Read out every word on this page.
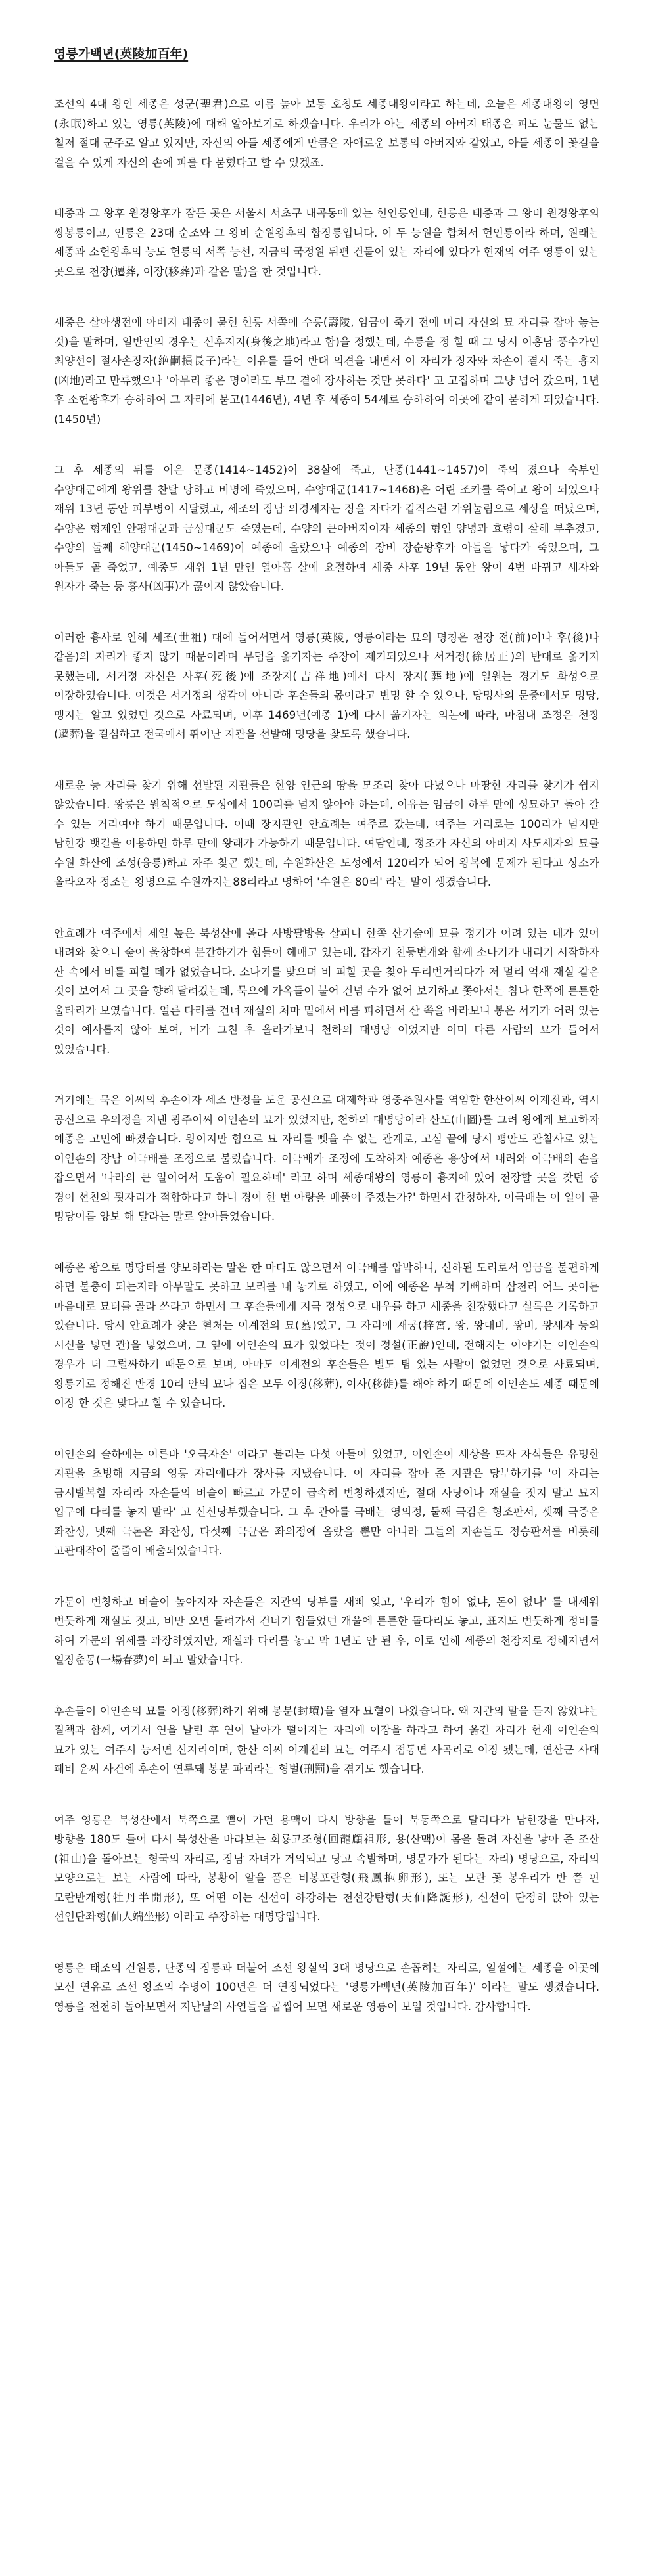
영릉가백년(英陵加百年)

조선의 4대 왕인 세종은 성군(聖君)으로 이름 높아 보통 호칭도 세종대왕이라고 하는데, 오늘은 세종대왕이 영면(永眠)하고 있는 영릉(英陵)에 대해 알아보기로 하겠습니다. 우리가 아는 세종의 아버지 태종은 피도 눈물도 없는 철저 절대 군주로 알고 있지만, 자신의 아들 세종에게 만큼은 자애로운 보통의 아버지와 같았고, 아들 세종이 꽃길을 걸을 수 있게 자신의 손에 피를 다 묻혔다고 할 수 있겠죠.

태종과 그 왕후 원경왕후가 잠든 곳은 서울시 서초구 내곡동에 있는 헌인릉인데, 헌릉은 태종과 그 왕비 원경왕후의 쌍봉릉이고, 인릉은 23대 순조와 그 왕비 순원왕후의 합장릉입니다. 이 두 능원을 합쳐서 헌인릉이라 하며, 원래는 세종과 소헌왕후의 능도 헌릉의 서쪽 능선, 지금의 국정원 뒤편 건물이 있는 자리에 있다가 현재의 여주 영릉이 있는 곳으로 천장(遷葬, 이장(移葬)과 같은 말)을 한 것입니다.

세종은 살아생전에 아버지 태종이 묻힌 헌릉 서쪽에 수릉(壽陵, 임금이 죽기 전에 미리 자신의 묘 자리를 잡아 놓는 것)을 말하며, 일반인의 경우는 신후지지(身後之地)라고 함)을 정했는데, 수릉을 정 할 때 그 당시 이홍남 풍수가인 최양선이 절사손장자(絶嗣損長子)라는 이유를 들어 반대 의견을 내면서 이 자리가 장자와 차손이 결시 죽는 흉지(凶地)라고 만류했으나 '아무리 좋은 명이라도 부모 곁에 장사하는 것만 못하다' 고 고집하며 그냥 넘어 갔으며, 1년 후 소헌왕후가 승하하여 그 자리에 묻고(1446년), 4년 후 세종이 54세로 승하하여 이곳에 같이 묻히게 되었습니다.(1450년)

그 후 세종의 뒤를 이은 문종(1414~1452)이 38살에 죽고, 단종(1441~1457)이 죽의 졌으나 숙부인 수양대군에게 왕위를 찬탈 당하고 비명에 죽었으며, 수양대군(1417~1468)은 어린 조카를 죽이고 왕이 되었으나 재위 13년 동안 피부병이 시달렸고, 세조의 장남 의경세자는 장을 자다가 갑작스런 가위눌림으로 세상을 떠났으며, 수양은 형제인 안평대군과 금성대군도 죽였는데, 수양의 큰아버지이자 세종의 형인 양녕과 효령이 살해 부추겼고, 수양의 둘째 해양대군(1450~1469)이 예종에 올랐으나 예종의 장비 장순왕후가 아들을 낳다가 죽었으며, 그 아들도 곧 죽었고, 예종도 재위 1년 만인 열아홉 살에 요절하여 세종 사후 19년 동안 왕이 4번 바뀌고 세자와 원자가 죽는 등 흉사(凶事)가 끊이지 않았습니다.

이러한 흉사로 인해 세조(世祖) 대에 들어서면서 영릉(英陵, 영릉이라는 묘의 명칭은 천장 전(前)이나 후(後)나 같음)의 자리가 좋지 않기 때문이라며 무덤을 옮기자는 주장이 제기되었으나 서거정(徐居正)의 반대로 옮기지 못했는데, 서거정 자신은 사후(死後)에 조장지(吉祥地)에서 다시 장지(葬地)에 일원는 경기도 화성으로 이장하였습니다. 이것은 서거정의 생각이 아니라 후손들의 몫이라고 변명 할 수 있으나, 당명사의 문중에서도 명당, 맹지는 알고 있었던 것으로 사료되며, 이후 1469년(예종 1)에 다시 옮기자는 의논에 따라, 마침내 조정은 천장(遷葬)을 결심하고 전국에서 뛰어난 지관을 선발해 명당을 찾도록 했습니다.

새로운 능 자리를 찾기 위해 선발된 지관들은 한양 인근의 땅을 모조리 찾아 다녔으나 마땅한 자리를 찾기가 쉽지 않았습니다. 왕릉은 원칙적으로 도성에서 100리를 넘지 않아야 하는데, 이유는 임금이 하루 만에 성묘하고 돌아 갈 수 있는 거리여야 하기 때문입니다. 이때 장지관인 안효례는 여주로 갔는데, 여주는 거리로는 100리가 넘지만 남한강 뱃길을 이용하면 하루 만에 왕래가 가능하기 때문입니다. 여담인데, 정조가 자신의 아버지 사도세자의 묘를 수원 화산에 조성(융릉)하고 자주 찾곤 했는데, 수원화산은 도성에서 120리가 되어 왕복에 문제가 된다고 상소가 올라오자 정조는 왕명으로 수원까지는88리라고 명하여 '수원은 80리' 라는 말이 생겼습니다.

안효례가 여주에서 제일 높은 북성산에 올라 사방팔방을 살피니 한쪽 산기슭에 묘를 정기가 어려 있는 데가 있어 내려와 찾으니 숲이 울창하여 분간하기가 힘들어 헤매고 있는데, 갑자기 천둥번개와 함께 소나기가 내리기 시작하자 산 속에서 비를 피할 데가 없었습니다. 소나기를 맞으며 비 피할 곳을 찾아 두리번거리다가 저 멀리 억새 재실 같은 것이 보여서 그 곳을 향해 달려갔는데, 묵으에 가옥들이 붙어 건넘 수가 없어 보기하고 쫓아서는 참나 한쪽에 튼튼한 울타리가 보였습니다. 얼른 다리를 건너 재실의 처마 밑에서 비를 피하면서 산 쪽을 바라보니 봉은 서기가 어려 있는 것이 예사롭지 않아 보여, 비가 그친 후 올라가보니 천하의 대명당 이었지만 이미 다른 사람의 묘가 들어서 있었습니다.

거기에는 묵은 이씨의 후손이자 세조 반정을 도운 공신으로 대제학과 영중추원사를 역임한 한산이씨 이계전과, 역시 공신으로 우의정을 지낸 광주이씨 이인손의 묘가 있었지만, 천하의 대명당이라 산도(山圖)를 그려 왕에게 보고하자 예종은 고민에 빠졌습니다. 왕이지만 힘으로 묘 자리를 뺏을 수 없는 관계로, 고심 끝에 당시 평안도 관찰사로 있는 이인손의 장남 이극배를 조정으로 불렀습니다. 이극배가 조정에 도착하자 예종은 용상에서 내려와 이극배의 손을 잡으면서 '나라의 큰 일이어서 도움이 필요하네' 라고 하며 세종대왕의 영릉이 흉지에 있어 천장할 곳을 찾던 중 경이 선친의 묏자리가 적합하다고 하니 경이 한 번 아량을 베풀어 주겠는가?' 하면서 간청하자, 이극배는 이 일이 곧 명당이름 양보 해 달라는 말로 알아들었습니다.

예종은 왕으로 명당터를 양보하라는 말은 한 마디도 않으면서 이극배를 압박하니, 신하된 도리로서 임금을 불편하게 하면 불충이 되는지라 아무말도 못하고 보리를 내 놓기로 하였고, 이에 예종은 무척 기뻐하며 삼천리 어느 곳이든 마음대로 묘터를 골라 쓰라고 하면서 그 후손들에게 지극 정성으로 대우를 하고 세종을 천장했다고 실록은 기록하고 있습니다. 당시 안효례가 찾은 혈처는 이계전의 묘(墓)였고, 그 자리에 재궁(梓宮, 왕, 왕대비, 왕비, 왕세자 등의 시신을 넣던 관)을 넣었으며, 그 옆에 이인손의 묘가 있었다는 것이 정설(正說)인데, 전해지는 이야기는 이인손의 경우가 더 그럴싸하기 때문으로 보며, 아마도 이계전의 후손들은 별도 팀 있는 사람이 없었던 것으로 사료되며, 왕릉기로 정해진 반경 10리 안의 묘나 집은 모두 이장(移葬), 이사(移徙)를 해야 하기 때문에 이인손도 세종 때문에 이장 한 것은 맞다고 할 수 있습니다.

이인손의 술하에는 이른바 '오극자손' 이라고 불리는 다섯 아들이 있었고, 이인손이 세상을 뜨자 자식들은 유명한 지관을 초빙해 지금의 영릉 자리에다가 장사를 지냈습니다. 이 자리를 잡아 준 지관은 당부하기를 '이 자리는 금시발복할 자리라 자손들의 벼슬이 빠르고 가문이 급속히 번창하겠지만, 절대 사당이나 재실을 짓지 말고 묘지 입구에 다리를 놓지 말라' 고 신신당부했습니다. 그 후 관아를 극배는 영의정, 둘째 극감은 형조판서, 셋째 극증은 좌찬성, 넷째 극돈은 좌찬성, 다섯째 극균은 좌의정에 올랐을 뿐만 아니라 그들의 자손들도 정승판서를 비롯해 고관대작이 줄줄이 배출되었습니다.

가문이 번창하고 벼슬이 높아지자 자손들은 지관의 당부를 새삐 잊고, '우리가 힘이 없냐, 돈이 없나' 를 내세워 번듯하게 재실도 짓고, 비만 오면 물려가서 건너기 힘들었던 개울에 튼튼한 돌다리도 놓고, 표지도 번듯하게 정비를 하여 가문의 위세를 과장하였지만, 재실과 다리를 놓고 막 1년도 안 된 후, 이로 인해 세종의 천장지로 정해지면서 일장춘몽(一場春夢)이 되고 말았습니다.

후손들이 이인손의 묘를 이장(移葬)하기 위해 봉분(封墳)을 열자 묘혈이 나왔습니다. 왜 지관의 말을 듣지 않았냐는 질책과 함께, 여기서 연을 날린 후 연이 날아가 떨어지는 자리에 이장을 하라고 하여 옮긴 자리가 현재 이인손의 묘가 있는 여주시 능서면 신지리이며, 한산 이씨 이계전의 묘는 여주시 점동면 사곡리로 이장 됐는데, 연산군 사대 폐비 윤씨 사건에 후손이 연루돼 봉분 파괴라는 형벌(刑罰)을 겪기도 했습니다.

여주 영릉은 북성산에서 북쪽으로 뻗어 가던 용맥이 다시 방향을 틀어 북동쪽으로 달리다가 남한강을 만나자, 방향을 180도 틀어 다시 북성산을 바라보는 회룡고조형(回龍顧祖形, 용(산맥)이 몸을 돌려 자신을 낳아 준 조산(祖山)을 돌아보는 형국의 자리로, 장남 자녀가 거의되고 당고 속발하며, 명문가가 된다는 자리) 명당으로, 자리의 모양으로는 보는 사람에 따라, 봉황이 알을 품은 비봉포란형(飛鳳抱卵形), 또는 모란 꽃 봉우리가 반 쯤 핀 모란반개형(牡丹半開形), 또 어떤 이는 신선이 하강하는 천선강탄형(天仙降誕形), 신선이 단정히 앉아 있는 선인단좌형(仙人端坐形) 이라고 주장하는 대명당입니다.

영릉은 태조의 건원릉, 단종의 장릉과 더불어 조선 왕실의 3대 명당으로 손꼽히는 자리로, 일설에는 세종을 이곳에 모신 연유로 조선 왕조의 수명이 100년은 더 연장되었다는 '영릉가백년(英陵加百年)' 이라는 말도 생겼습니다. 영릉을 천천히 돌아보면서 지난날의 사연들을 곱씹어 보면 새로운 영릉이 보일 것입니다. 감사합니다.
